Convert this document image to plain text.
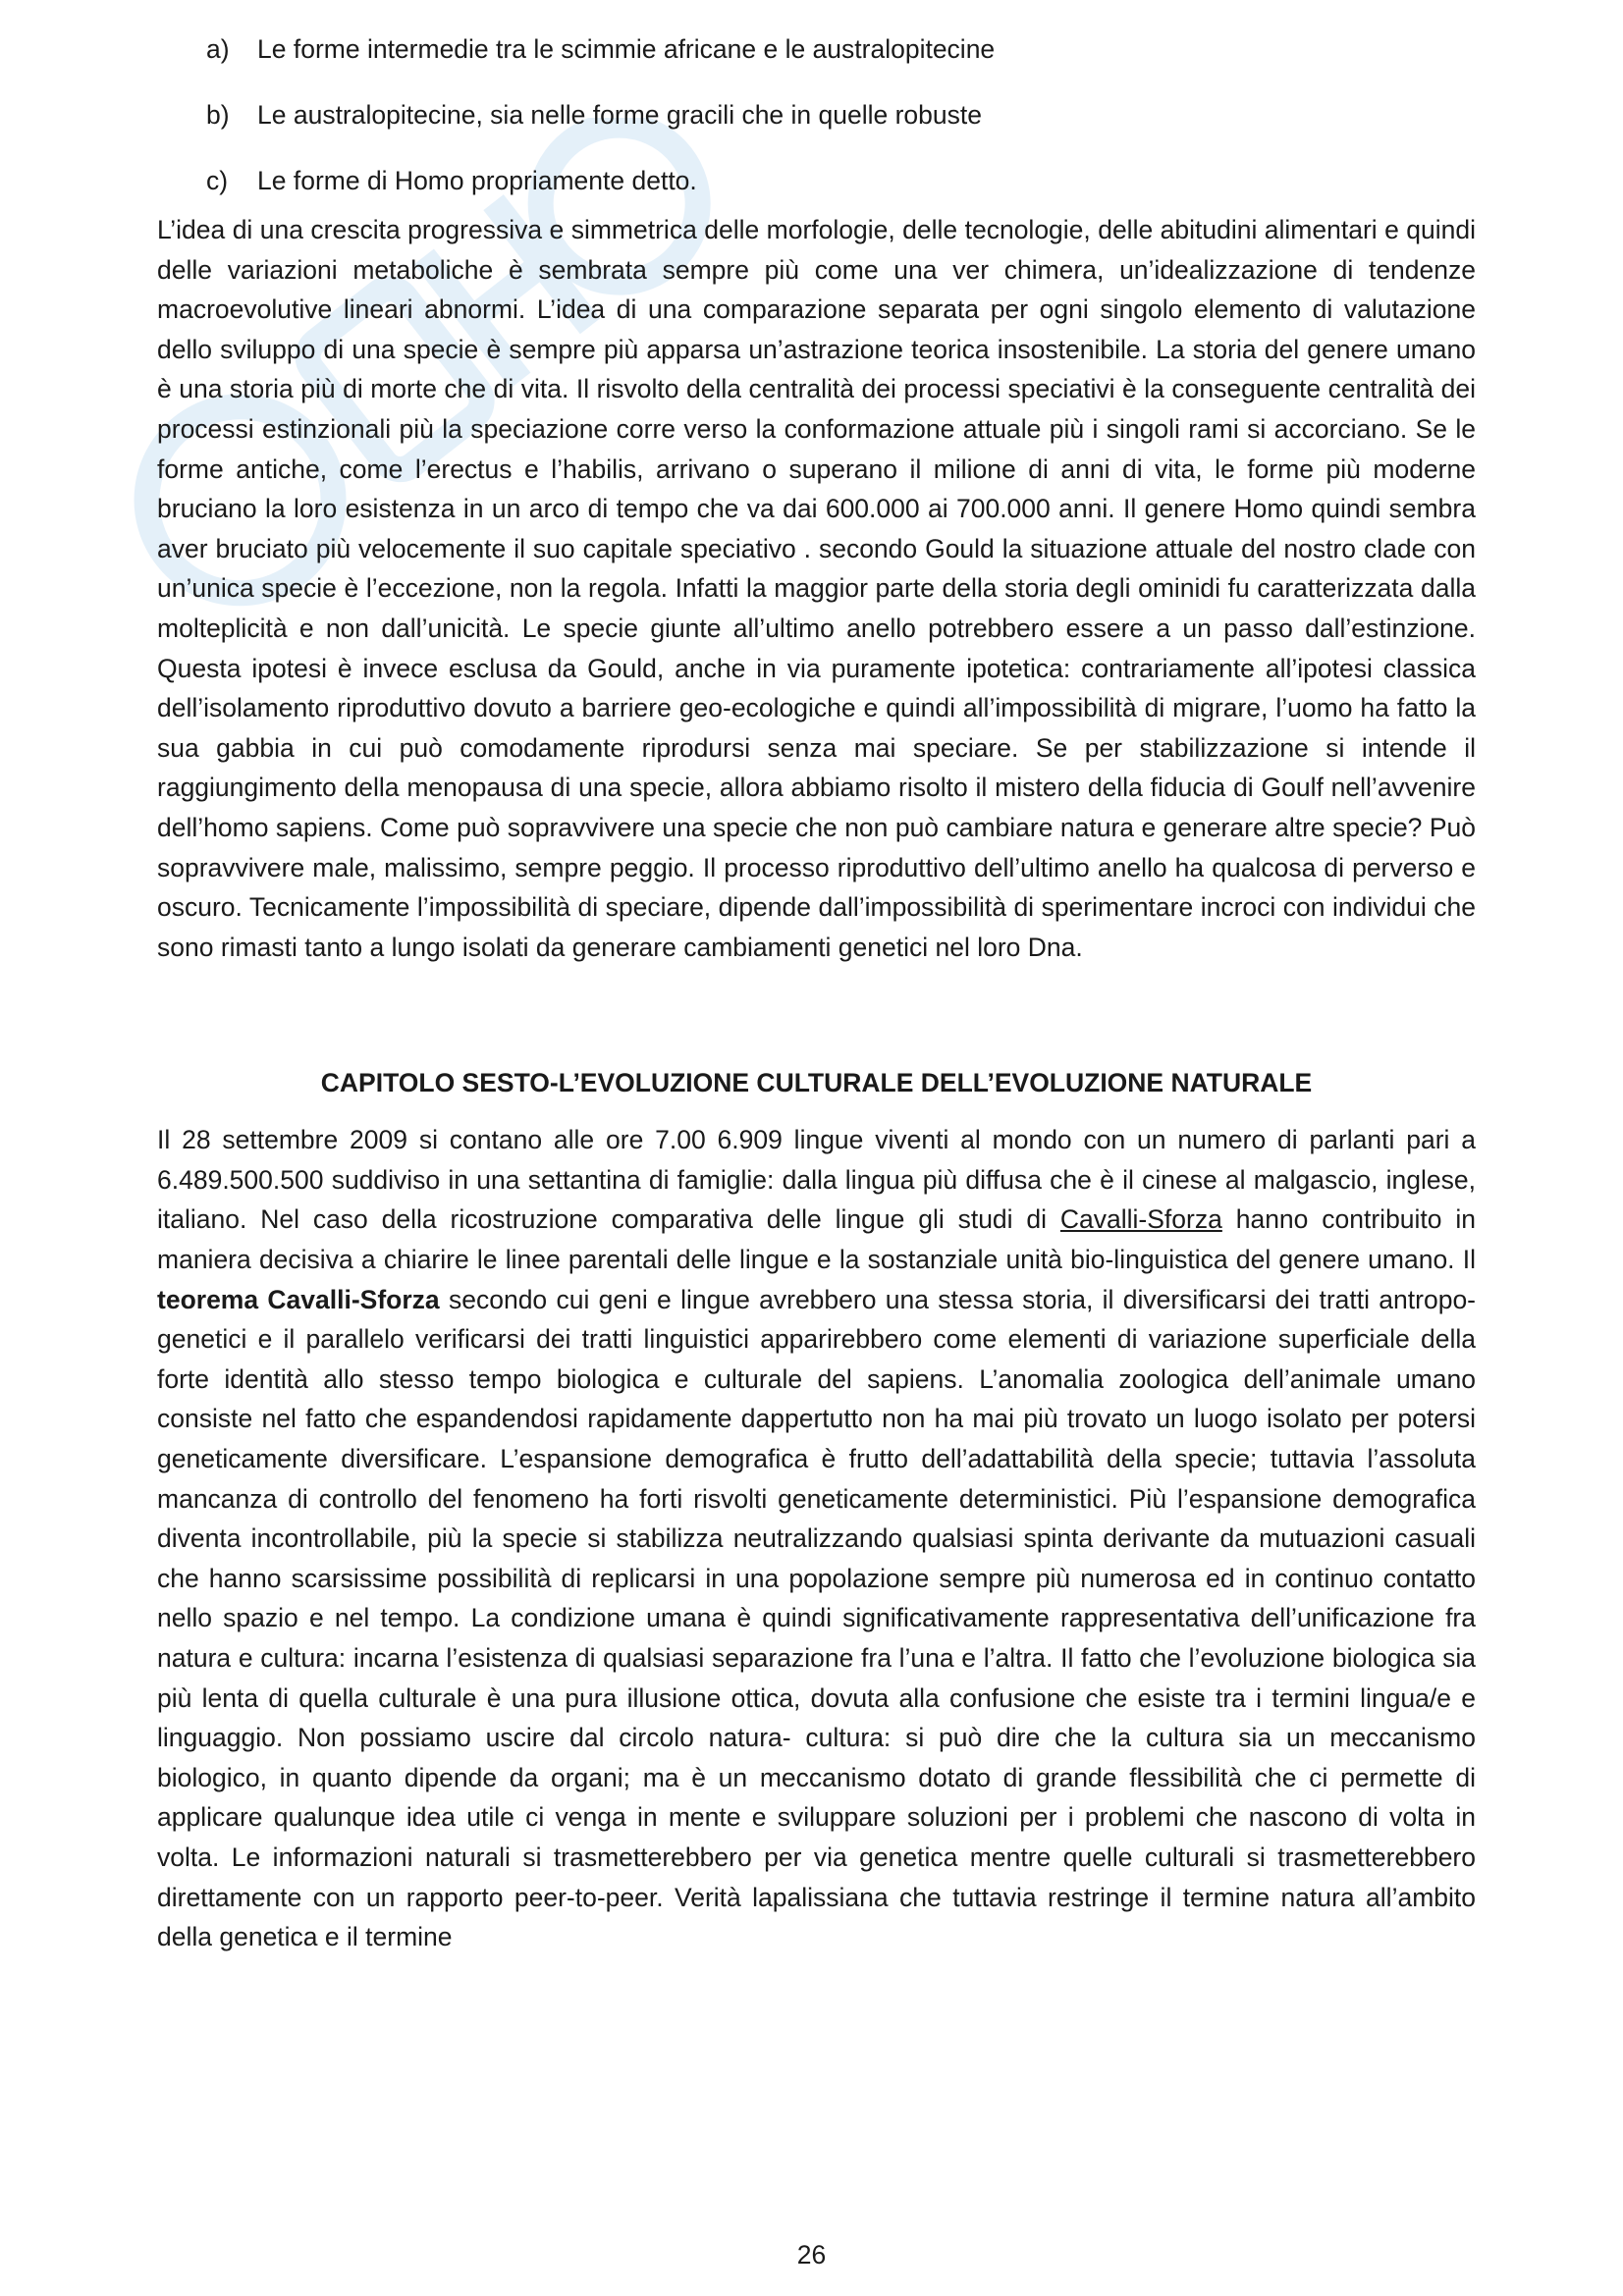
a) Le forme intermedie tra le scimmie africane e le australopitecine
b) Le australopitecine, sia nelle forme gracili che in quelle robuste
c) Le forme di Homo propriamente detto.

L’idea di una crescita progressiva e simmetrica delle morfologie, delle tecnologie, delle abitudini alimentari e quindi delle variazioni metaboliche è sembrata sempre più come una ver chimera, un’idealizzazione di tendenze macroevolutive lineari abnormi. L’idea di una comparazione separata per ogni singolo elemento di valutazione dello sviluppo di una specie è sempre più apparsa un’astrazione teorica insostenibile. La storia del genere umano è una storia più di morte che di vita. Il risvolto della centralità dei processi speciativi è la conseguente centralità dei processi estinzionali più la speciazione corre verso la conformazione attuale più i singoli rami si accorciano. Se le forme antiche, come l’erectus e l’habilis, arrivano o superano il milione di anni di vita, le forme più moderne bruciano la loro esistenza in un arco di tempo che va dai 600.000 ai 700.000 anni. Il genere Homo quindi sembra aver bruciato più velocemente il suo capitale speciativo . secondo Gould la situazione attuale del nostro clade con un’unica specie è l’eccezione, non la regola. Infatti la maggior parte della storia degli ominidi fu caratterizzata dalla molteplicità e non dall’unicità. Le specie giunte all’ultimo anello potrebbero essere a un passo dall’estinzione. Questa ipotesi è invece esclusa da Gould, anche in via puramente ipotetica: contrariamente all’ipotesi classica dell’isolamento riproduttivo dovuto a barriere geo-ecologiche e quindi all’impossibilità di migrare, l’uomo ha fatto la sua gabbia in cui può comodamente riprodursi senza mai speciare. Se per stabilizzazione si intende il raggiungimento della menopausa di una specie, allora abbiamo risolto il mistero della fiducia di Goulf nell’avvenire dell’homo sapiens. Come può sopravvivere una specie che non può cambiare natura e generare altre specie? Può sopravvivere male, malissimo, sempre peggio. Il processo riproduttivo dell’ultimo anello ha qualcosa di perverso e oscuro. Tecnicamente l’impossibilità di speciare, dipende dall’impossibilità di sperimentare incroci con individui che sono rimasti tanto a lungo isolati da generare cambiamenti genetici nel loro Dna.

CAPITOLO SESTO-L’EVOLUZIONE CULTURALE DELL’EVOLUZIONE NATURALE

Il 28 settembre 2009 si contano alle ore 7.00 6.909 lingue viventi al mondo con un numero di parlanti pari a 6.489.500.500 suddiviso in una settantina di famiglie: dalla lingua più diffusa che è il cinese al malgascio, inglese, italiano. Nel caso della ricostruzione comparativa delle lingue gli studi di Cavalli-Sforza hanno contribuito in maniera decisiva a chiarire le linee parentali delle lingue e la sostanziale unità bio-linguistica del genere umano. Il teorema Cavalli-Sforza secondo cui geni e lingue avrebbero una stessa storia, il diversificarsi dei tratti antropo-genetici e il parallelo verificarsi dei tratti linguistici apparirebbero come elementi di variazione superficiale della forte identità allo stesso tempo biologica e culturale del sapiens. L’anomalia zoologica dell’animale umano consiste nel fatto che espandendosi rapidamente dappertutto non ha mai più trovato un luogo isolato per potersi geneticamente diversificare. L’espansione demografica è frutto dell’adattabilità della specie; tuttavia l’assoluta mancanza di controllo del fenomeno ha forti risvolti geneticamente deterministici. Più l’espansione demografica diventa incontrollabile, più la specie si stabilizza neutralizzando qualsiasi spinta derivante da mutuazioni casuali che hanno scarsissime possibilità di replicarsi in una popolazione sempre più numerosa ed in continuo contatto nello spazio e nel tempo. La condizione umana è quindi significativamente rappresentativa dell’unificazione fra natura e cultura: incarna l’esistenza di qualsiasi separazione fra l’una e l’altra. Il fatto che l’evoluzione biologica sia più lenta di quella culturale è una pura illusione ottica, dovuta alla confusione che esiste tra i termini lingua/e e linguaggio. Non possiamo uscire dal circolo natura- cultura: si può dire che la cultura sia un meccanismo biologico, in quanto dipende da organi; ma è un meccanismo dotato di grande flessibilità che ci permette di applicare qualunque idea utile ci venga in mente e sviluppare soluzioni per i problemi che nascono di volta in volta. Le informazioni naturali si trasmetterebbero per via genetica mentre quelle culturali si trasmetterebbero direttamente con un rapporto peer-to-peer. Verità lapalissiana che tuttavia restringe il termine natura all’ambito della genetica e il termine

26
